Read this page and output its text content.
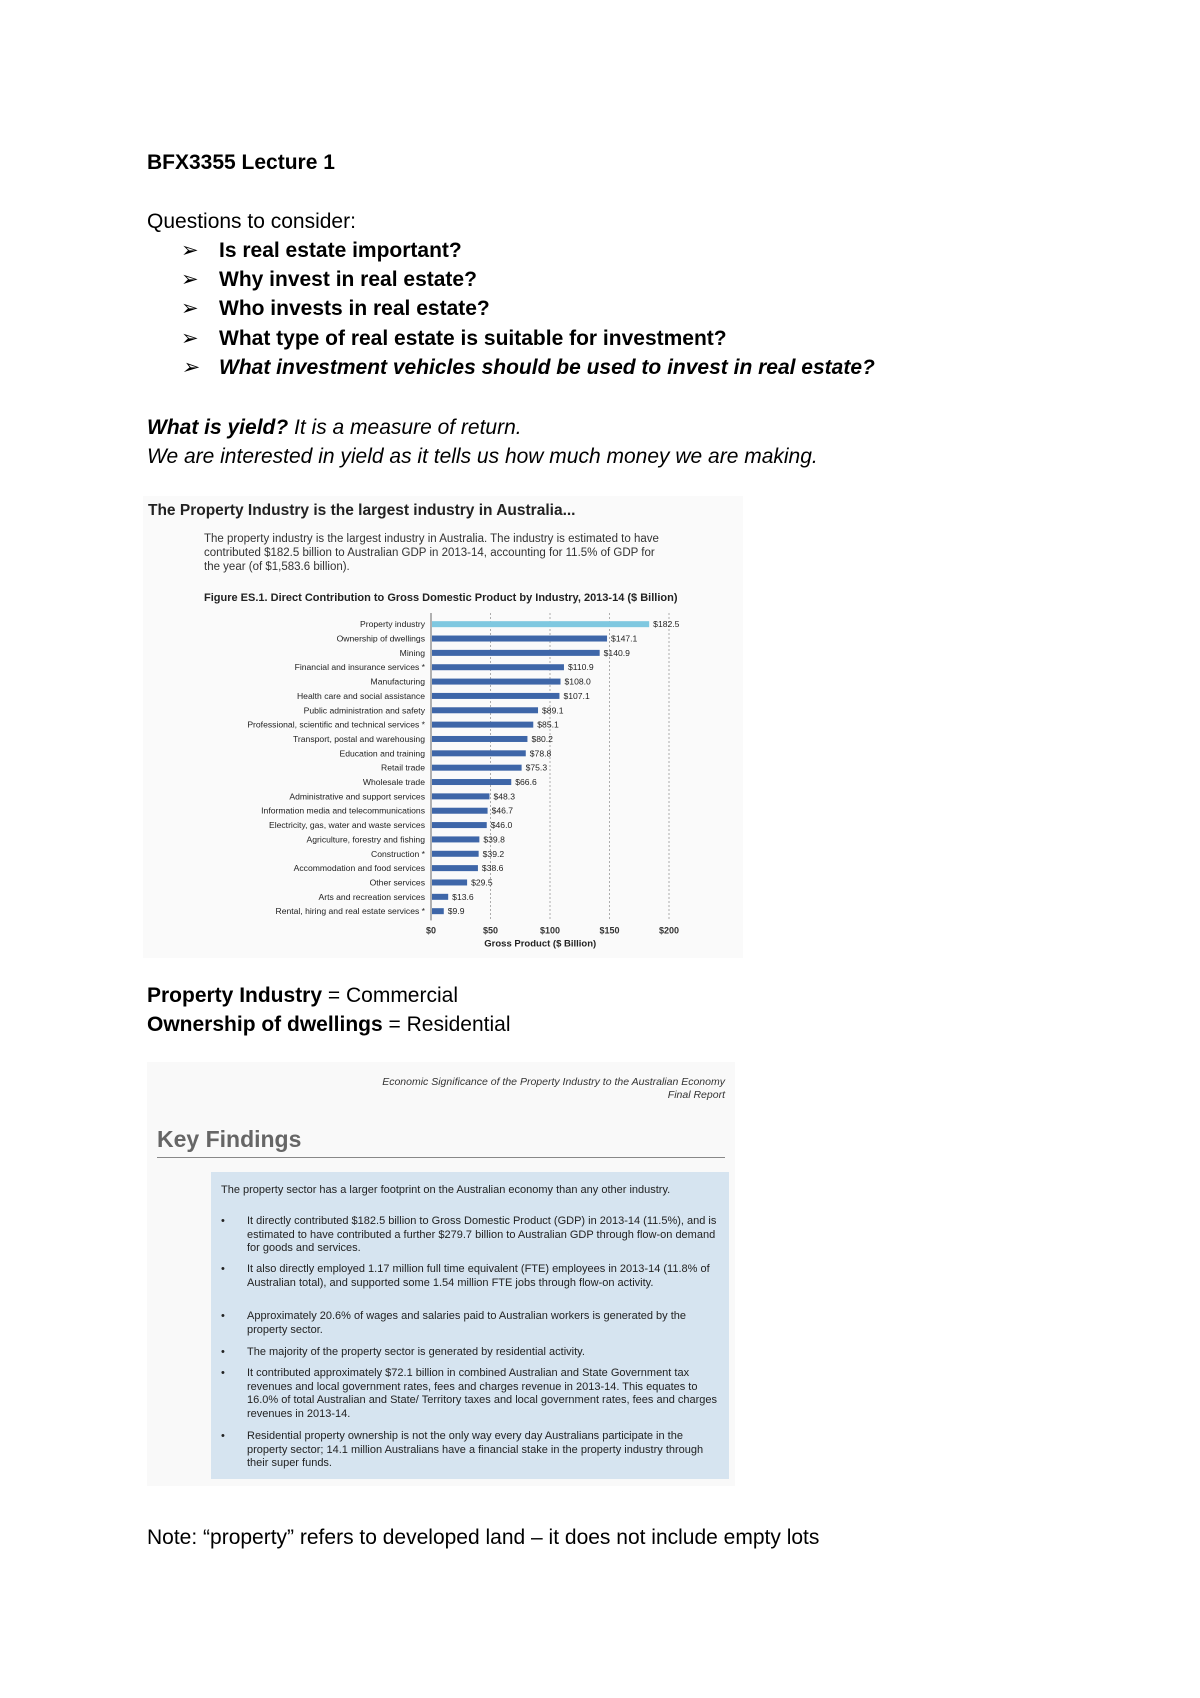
BFX3355 Lecture 1
Questions to consider:
➢ Is real estate important?
➢ Why invest in real estate?
➢ Who invests in real estate?
➢ What type of real estate is suitable for investment?
➢ What investment vehicles should be used to invest in real estate?
What is yield? It is a measure of return.
We are interested in yield as it tells us how much money we are making.
The Property Industry is the largest industry in Australia...
The property industry is the largest industry in Australia. The industry is estimated to have
contributed $182.5 billion to Australian GDP in 2013-14, accounting for 11.5% of GDP for
the year (of $1,583.6 billion).
Figure ES.1. Direct Contribution to Gross Domestic Product by Industry, 2013-14 ($ Billion)
$0	$50	$100	$150	$200
Property industry	$182.5
Ownership of dwellings	$147.1
Mining	$140.9
Financial and insurance services *	$110.9
Manufacturing	$108.0
Health care and social assistance	$107.1
Public administration and safety	$89.1
Professional, scientific and technical services *	$85.1
Transport, postal and warehousing	$80.2
Education and training	$78.8
Retail trade	$75.3
Wholesale trade	$66.6
Administrative and support services	$48.3
Information media and telecommunications	$46.7
Electricity, gas, water and waste services	$46.0
Agriculture, forestry and fishing	$39.8
Construction *	$39.2
Accommodation and food services	$38.6
Other services	$29.5
Arts and recreation services	$13.6
Rental, hiring and real estate services *	$9.9
Gross Product ($ Billion)
Property Industry = Commercial
Ownership of dwellings = Residential
Economic Significance of the Property Industry to the Australian Economy
Final Report
Key Findings
The property sector has a larger footprint on the Australian economy than any other industry.
• It directly contributed $182.5 billion to Gross Domestic Product (GDP) in 2013-14 (11.5%), and is estimated to have contributed a further $279.7 billion to Australian GDP through flow-on demand for goods and services.
• It also directly employed 1.17 million full time equivalent (FTE) employees in 2013-14 (11.8% of Australian total), and supported some 1.54 million FTE jobs through flow-on activity.
• Approximately 20.6% of wages and salaries paid to Australian workers is generated by the property sector.
• The majority of the property sector is generated by residential activity.
• It contributed approximately $72.1 billion in combined Australian and State Government tax revenues and local government rates, fees and charges revenue in 2013-14. This equates to 16.0% of total Australian and State/ Territory taxes and local government rates, fees and charges revenues in 2013-14.
• Residential property ownership is not the only way every day Australians participate in the property sector; 14.1 million Australians have a financial stake in the property industry through their super funds.
Note: “property” refers to developed land – it does not include empty lots
